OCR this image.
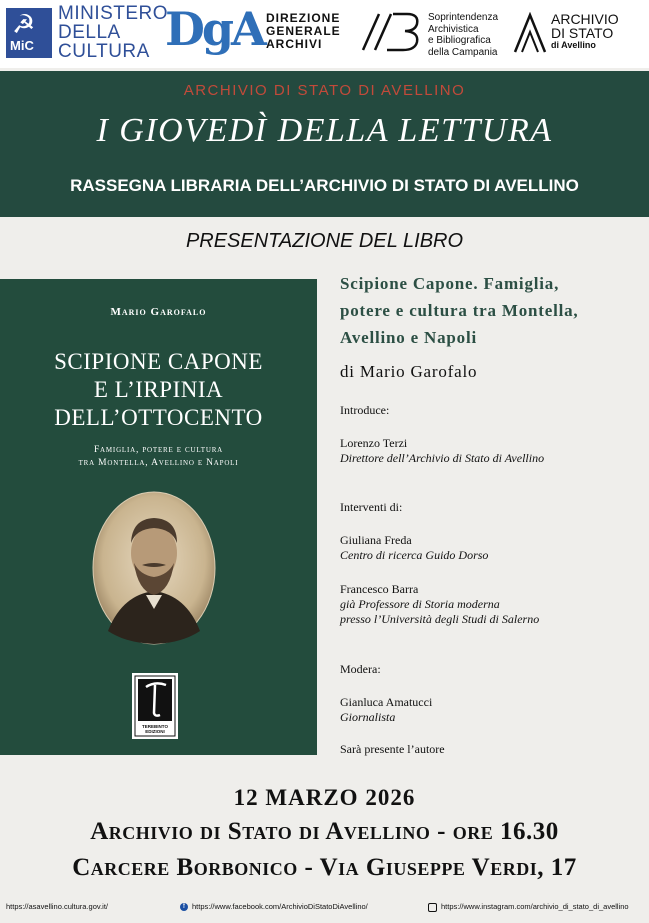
☭
MiC
MINISTERO
DELLA
CULTURA DgA DIREZIONE
GENERALE
ARCHIVI
Soprintendenza
Archivistica
e Bibliografica
della Campania
ARCHIVIO
DI STATO
di Avellino
ARCHIVIO DI STATO DI AVELLINO
I GIOVEDÌ DELLA LETTURA
RASSEGNA LIBRARIA DELL’ARCHIVIO DI STATO DI AVELLINO
PRESENTAZIONE DEL LIBRO
Mario Garofalo
SCIPIONE CAPONE
E L’IRPINIA
DELL’OTTOCENTO
Famiglia, potere e cultura
tra Montella, Avellino e Napoli
TEREBINTO
EDIZIONI
Scipione Capone. Famiglia,
potere e cultura tra Montella,
Avellino e Napoli
di Mario Garofalo
Introduce:
Lorenzo Terzi
Direttore dell’Archivio di Stato di Avellino
Interventi di:
Giuliana Freda
Centro di ricerca Guido Dorso
Francesco Barra
già Professore di Storia moderna
presso l’Università degli Studi di Salerno
Modera:
Gianluca Amatucci
Giornalista
Sarà presente l’autore
12 MARZO 2026
Archivio di Stato di Avellino - ore 16.30
Carcere Borbonico - Via Giuseppe Verdi, 17
https://asavellino.cultura.gov.it/	f https://www.facebook.com/ArchivioDiStatoDiAvellino/	https://www.instagram.com/archivio_di_stato_di_avellino
